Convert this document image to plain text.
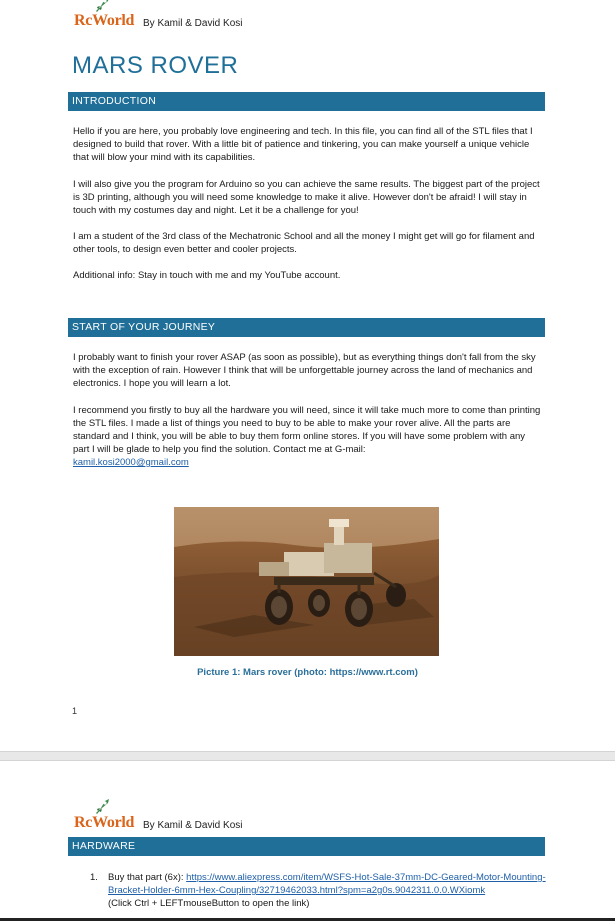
RcWorld By Kamil & David Kosi
MARS ROVER
INTRODUCTION

Hello if you are here, you probably love engineering and tech. In this file, you can find all of the STL files that I designed to build that rover. With a little bit of patience and tinkering, you can make yourself a unique vehicle that will blow your mind with its capabilities.

I will also give you the program for Arduino so you can achieve the same results. The biggest part of the project is 3D printing, although you will need some knowledge to make it alive. However don't be afraid! I will stay in touch with my costumes day and night. Let it be a challenge for you!

I am a student of the 3rd class of the Mechatronic School and all the money I might get will go for filament and other tools, to design even better and cooler projects.

Additional info: Stay in touch with me and my YouTube account.

START OF YOUR JOURNEY

I probably want to finish your rover ASAP (as soon as possible), but as everything things don't fall from the sky with the exception of rain. However I think that will be unforgettable journey across the land of mechanics and electronics. I hope you will learn a lot.

I recommend you firstly to buy all the hardware you will need, since it will take much more to come than printing the STL files. I made a list of things you need to buy to be able to make your rover alive. All the parts are standard and I think, you will be able to buy them form online stores. If you will have some problem with any part I will be glade to help you find the solution. Contact me at G-mail:
kamil.kosi2000@gmail.com

Picture 1: Mars rover (photo: https://www.rt.com)
1
RcWorld By Kamil & David Kosi
HARDWARE
1. Buy that part (6x): https://www.aliexpress.com/item/WSFS-Hot-Sale-37mm-DC-Geared-Motor-Mounting-Bracket-Holder-6mm-Hex-Coupling/32719462033.html?spm=a2g0s.9042311.0.0.WXiomk
(Click Ctrl + LEFTmouseButton to open the link)
